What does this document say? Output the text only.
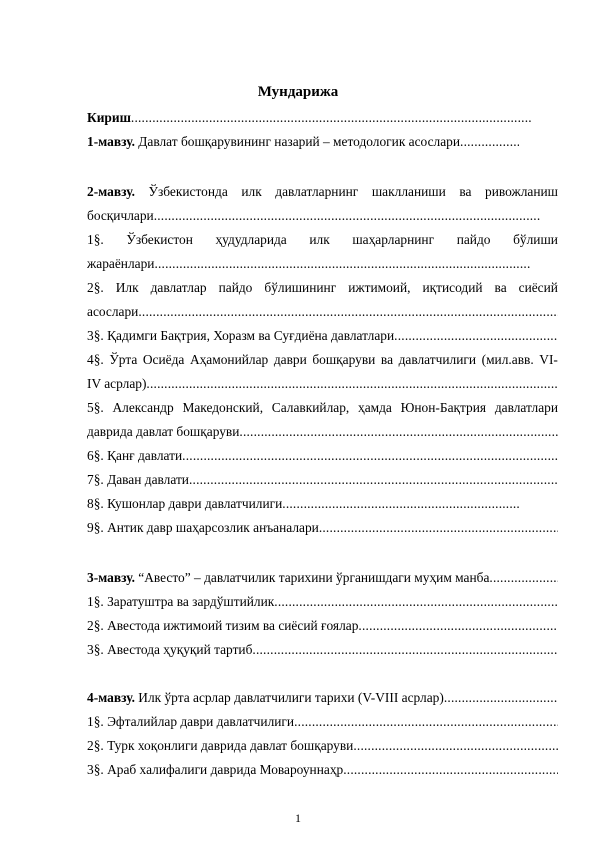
Мундарижа
Кириш
.....
1-мавзу.
Давлат бошқарувининг назарий – методологик асослари
.....
2-мавзу. Ўзбекистонда илк давлатларнинг шаклланиши ва ривожланиш
босқичлари
.....
1§. Ўзбекистон ҳудудларида илк шаҳарларнинг пайдо бўлиши
жараёнлари
.....
2§. Илк давлатлар пайдо бўлишининг ижтимоий, иқтисодий ва сиёсий
асослари
.....
3§. Қадимги Бақтрия, Хоразм ва Суғдиёна давлатлари
.....
4§. Ўрта Осиёда Аҳамонийлар даври бошқаруви ва давлатчилиги (мил.авв. VI-
IV асрлар)
.....
5§. Александр Македонский, Салавкийлар, ҳамда Юнон-Бақтрия давлатлари
даврида давлат бошқаруви
.....
6§. Қанғ давлати
.....
7§. Даван давлати
.....
8§. Кушонлар даври давлатчилиги
.....
9§. Антик давр шаҳарсозлик анъаналари
.....
3-мавзу.
“Авесто” – давлатчилик тарихини ўрганишдаги муҳим манба
.....
1§. Заратуштра ва зардўштийлик
.....
2§. Авестода ижтимоий тизим ва сиёсий ғоялар
.....
3§. Авестода ҳуқуқий тартиб
.....
4-мавзу.
Илк ўрта асрлар давлатчилиги тарихи (V-VIII асрлар)
.....
1§. Эфталийлар даври давлатчилиги
.....
2§. Турк хоқонлиги даврида давлат бошқаруви
.....
3§. Араб халифалиги даврида Мовароуннаҳр
.....
1
